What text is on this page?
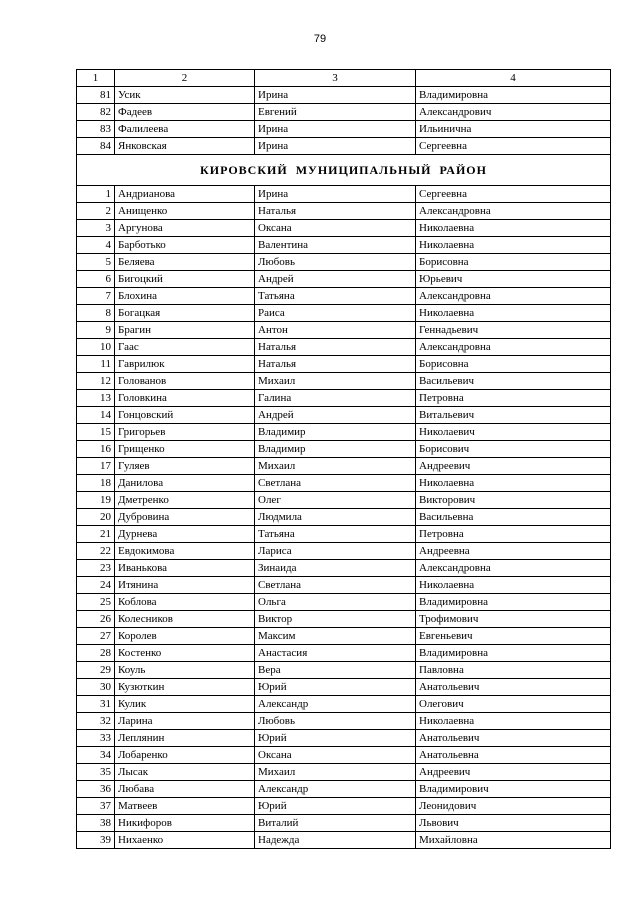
79
1	2	3	4
81	Усик	Ирина	Владимировна
82	Фадеев	Евгений	Александрович
83	Фалилеева	Ирина	Ильинична
84	Янковская	Ирина	Сергеевна
КИРОВСКИЙ МУНИЦИПАЛЬНЫЙ РАЙОН			
1	Андрианова	Ирина	Сергеевна
2	Анищенко	Наталья	Александровна
3	Аргунова	Оксана	Николаевна
4	Барботько	Валентина	Николаевна
5	Беляева	Любовь	Борисовна
6	Бигоцкий	Андрей	Юрьевич
7	Блохина	Татьяна	Александровна
8	Богацкая	Раиса	Николаевна
9	Брагин	Антон	Геннадьевич
10	Гаас	Наталья	Александровна
11	Гаврилюк	Наталья	Борисовна
12	Голованов	Михаил	Васильевич
13	Головкина	Галина	Петровна
14	Гонцовский	Андрей	Витальевич
15	Григорьев	Владимир	Николаевич
16	Грищенко	Владимир	Борисович
17	Гуляев	Михаил	Андреевич
18	Данилова	Светлана	Николаевна
19	Дметренко	Олег	Викторович
20	Дубровина	Людмила	Васильевна
21	Дурнева	Татьяна	Петровна
22	Евдокимова	Лариса	Андреевна
23	Иванькова	Зинаида	Александровна
24	Итянина	Светлана	Николаевна
25	Коблова	Ольга	Владимировна
26	Колесников	Виктор	Трофимович
27	Королев	Максим	Евгеньевич
28	Костенко	Анастасия	Владимировна
29	Коуль	Вера	Павловна
30	Кузюткин	Юрий	Анатольевич
31	Кулик	Александр	Олегович
32	Ларина	Любовь	Николаевна
33	Леплянин	Юрий	Анатольевич
34	Лобаренко	Оксана	Анатольевна
35	Лысак	Михаил	Андреевич
36	Любава	Александр	Владимирович
37	Матвеев	Юрий	Леонидович
38	Никифоров	Виталий	Львович
39	Нихаенко	Надежда	Михайловна
